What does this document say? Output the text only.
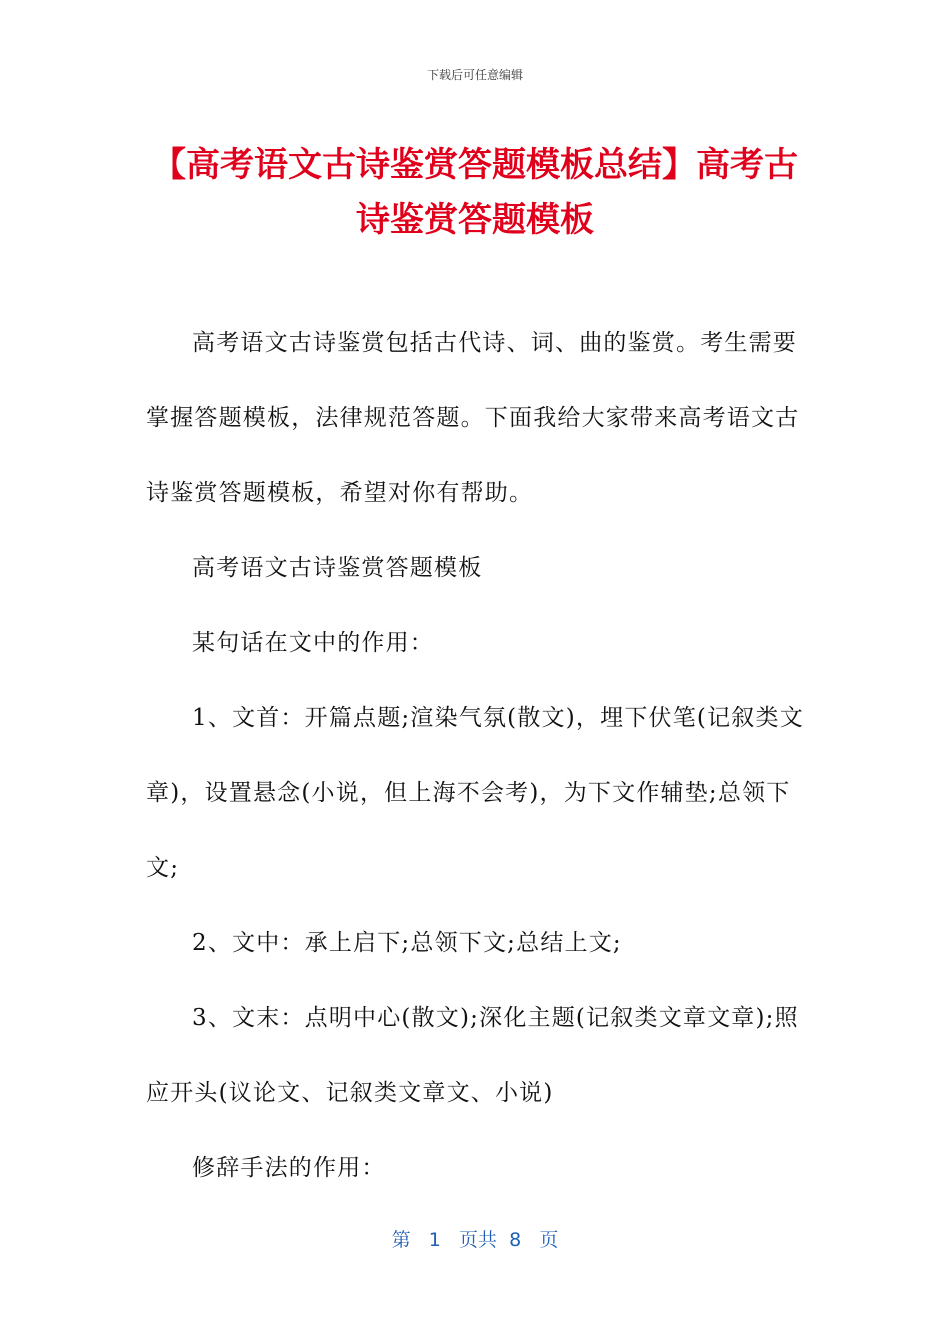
下载后可任意编辑
【高考语文古诗鉴赏答题模板总结】高考古诗鉴赏答题模板

高考语文古诗鉴赏包括古代诗、词、曲的鉴赏。考生需要掌握答题模板，法律规范答题。下面我给大家带来高考语文古诗鉴赏答题模板，希望对你有帮助。

高考语文古诗鉴赏答题模板

某句话在文中的作用：

1、文首：开篇点题;渲染气氛(散文)，埋下伏笔(记叙类文章)，设置悬念(小说，但上海不会考)，为下文作辅垫;总领下文;

2、文中：承上启下;总领下文;总结上文;

3、文末：点明中心(散文);深化主题(记叙类文章文章);照应开头(议论文、记叙类文章文、小说)

修辞手法的作用：

第 1 页共 8 页
